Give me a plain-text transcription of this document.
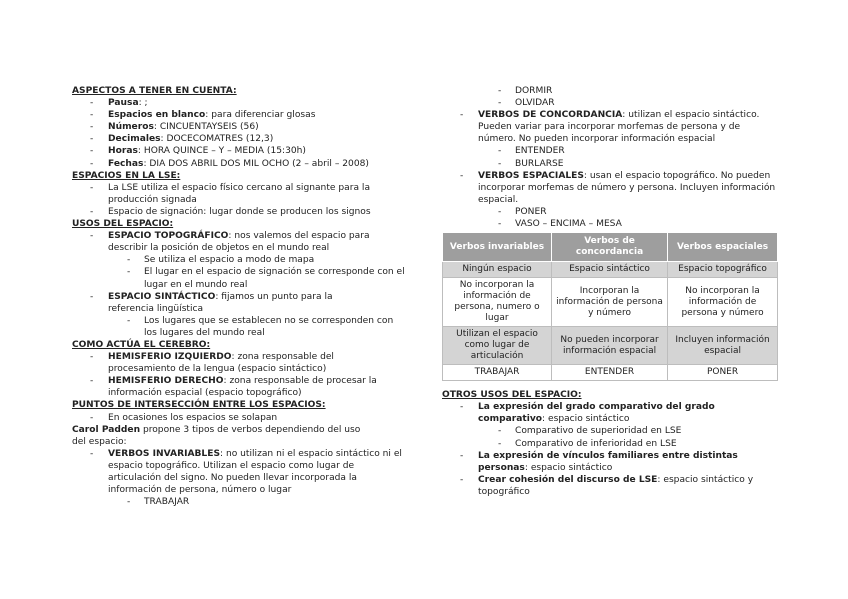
ASPECTOS A TENER EN CUENTA:
- Pausa: ;
- Espacios en blanco: para diferenciar glosas
- Números: CINCUENTAYSEIS (56)
- Decimales: DOCECOMATRES (12,3)
- Horas: HORA QUINCE – Y – MEDIA (15:30h)
- Fechas: DIA DOS ABRIL DOS MIL OCHO (2 – abril – 2008)
ESPACIOS EN LA LSE:
- La LSE utiliza el espacio físico cercano al signante para la producción signada
- Espacio de signación: lugar donde se producen los signos
USOS DEL ESPACIO:
- ESPACIO TOPOGRÁFICO: nos valemos del espacio para describir la posición de objetos en el mundo real
- Se utiliza el espacio a modo de mapa
- El lugar en el espacio de signación se corresponde con el lugar en el mundo real
- ESPACIO SINTÁCTICO: fijamos un punto para la referencia lingüística
- Los lugares que se establecen no se corresponden con los lugares del mundo real
COMO ACTÚA EL CEREBRO:
- HEMISFERIO IZQUIERDO: zona responsable del procesamiento de la lengua (espacio sintáctico)
- HEMISFERIO DERECHO: zona responsable de procesar la información espacial (espacio topográfico)
PUNTOS DE INTERSECCIÓN ENTRE LOS ESPACIOS:
- En ocasiones los espacios se solapan
Carol Padden propone 3 tipos de verbos dependiendo del uso del espacio:
- VERBOS INVARIABLES: no utilizan ni el espacio sintáctico ni el espacio topográfico. Utilizan el espacio como lugar de articulación del signo. No pueden llevar incorporada la información de persona, número o lugar
- TRABAJAR
- DORMIR
- OLVIDAR
- VERBOS DE CONCORDANCIA: utilizan el espacio sintáctico. Pueden variar para incorporar morfemas de persona y de número. No pueden incorporar información espacial
- ENTENDER
- BURLARSE
- VERBOS ESPACIALES: usan el espacio topográfico. No pueden incorporar morfemas de número y persona. Incluyen información espacial.
- PONER
- VASO – ENCIMA – MESA
Verbos invariables	Verbos de concordancia	Verbos espaciales
Ningún espacio	Espacio sintáctico	Espacio topográfico
No incorporan la información de persona, numero o lugar	Incorporan la información de persona y número	No incorporan la información de persona y número
Utilizan el espacio como lugar de articulación	No pueden incorporar información espacial	Incluyen información espacial
TRABAJAR	ENTENDER	PONER
OTROS USOS DEL ESPACIO:
- La expresión del grado comparativo del grado comparativo: espacio sintáctico
- Comparativo de superioridad en LSE
- Comparativo de inferioridad en LSE
- La expresión de vínculos familiares entre distintas personas: espacio sintáctico
- Crear cohesión del discurso de LSE: espacio sintáctico y topográfico
